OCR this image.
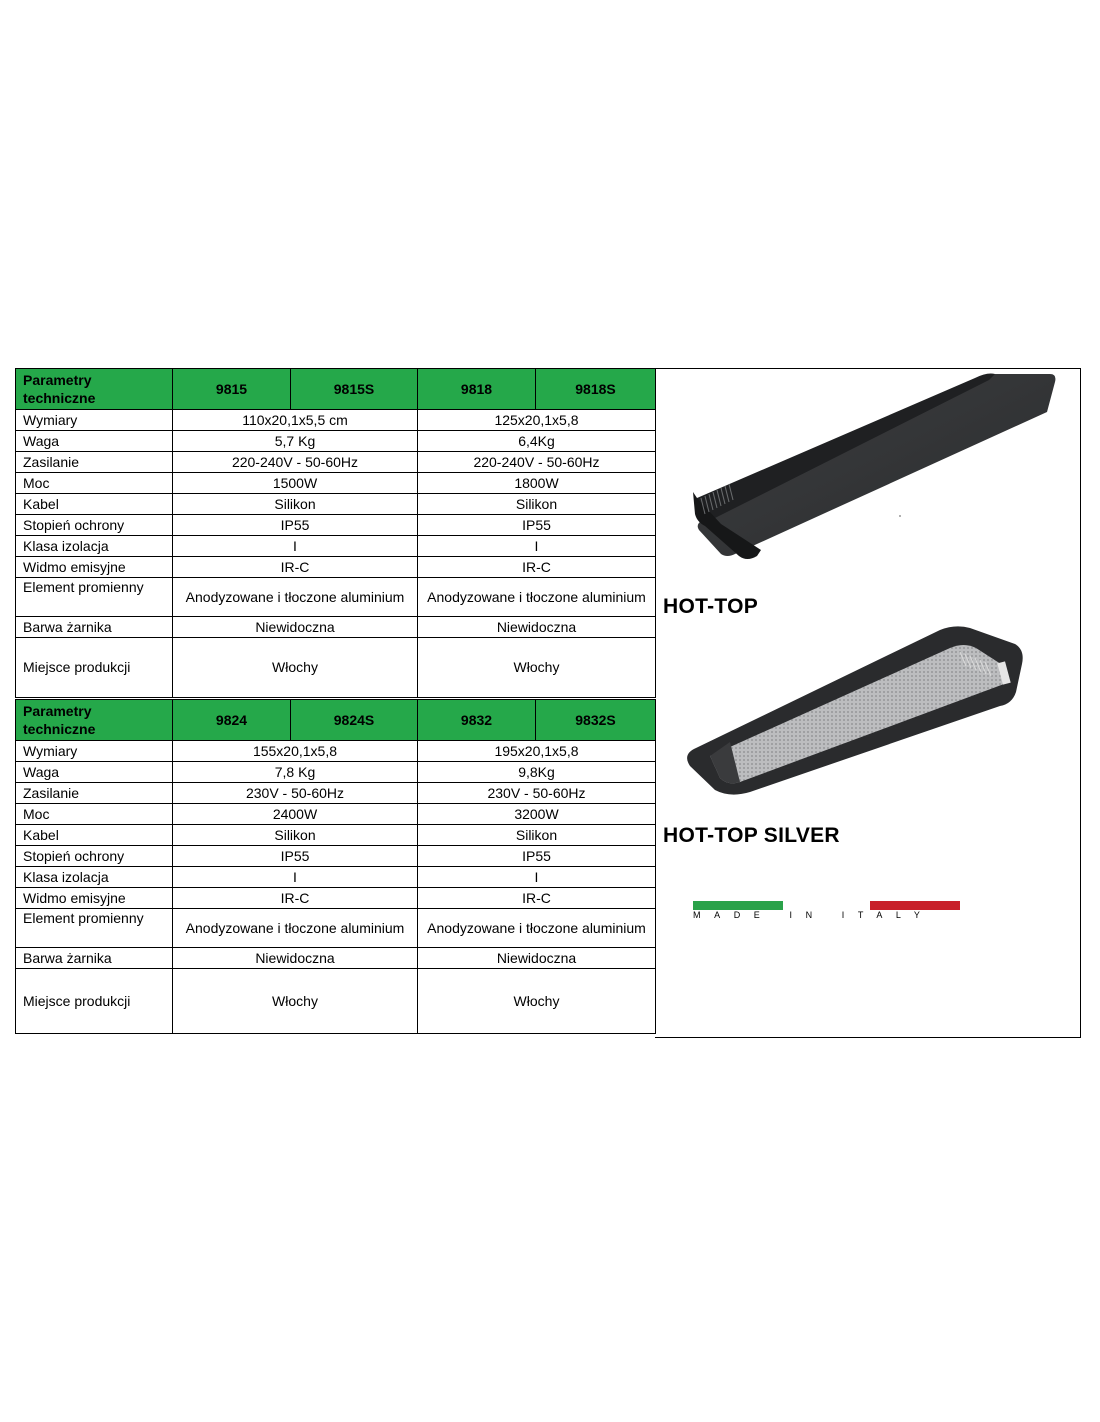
Parametry techniczne	9815	9815S	9818	9818S
Wymiary	110x20,1x5,5 cm		125x20,1x5,8	
Waga	5,7 Kg		6,4Kg	
Zasilanie	220-240V - 50-60Hz		220-240V - 50-60Hz	
Moc	1500W		1800W	
Kabel	Silikon		Silikon	
Stopień ochrony	IP55		IP55	
Klasa izolacja	I		I	
Widmo emisyjne	IR-C		IR-C	
Element promienny	Anodyzowane i tłoczone aluminium		Anodyzowane i tłoczone aluminium	
Barwa żarnika	Niewidoczna		Niewidoczna	
Miejsce produkcji	Włochy		Włochy	
Parametry techniczne	9824	9824S	9832	9832S
Wymiary	155x20,1x5,8		195x20,1x5,8	
Waga	7,8 Kg		9,8Kg	
Zasilanie	230V - 50-60Hz		230V - 50-60Hz	
Moc	2400W		3200W	
Kabel	Silikon		Silikon	
Stopień ochrony	IP55		IP55	
Klasa izolacja	I		I	
Widmo emisyjne	IR-C		IR-C	
Element promienny	Anodyzowane i tłoczone aluminium		Anodyzowane i tłoczone aluminium	
Barwa żarnika	Niewidoczna		Niewidoczna	
Miejsce produkcji	Włochy		Włochy	
HOT-TOP
HOT-TOP SILVER
MADE IN ITALY
